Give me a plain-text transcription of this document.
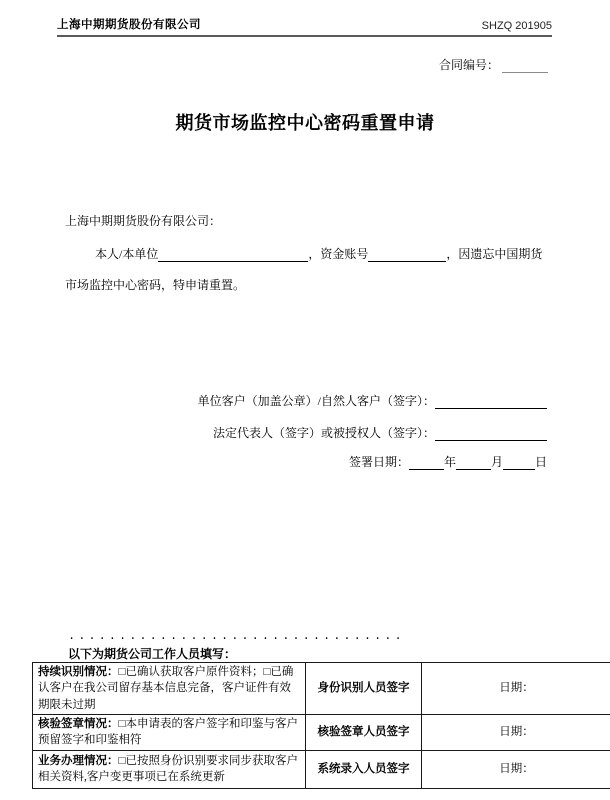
上海中期期货股份有限公司	SHZQ 201905
合同编号：
期货市场监控中心密码重置申请
上海中期期货股份有限公司：
本人/本单位	，资金账号	，因遗忘中国期货
市场监控中心密码，特申请重置。
单位客户（加盖公章）/自然人客户（签字）：
法定代表人（签字）或被授权人（签字）：
签署日期：	年	月	日
.................................
以下为期货公司工作人员填写：
持续识别情况：□已确认获取客户原件资料；□已确认客户在我公司留存基本信息完备，客户证件有效期限未过期	身份识别人员签字	日期：
核验签章情况：□本申请表的客户签字和印鉴与客户预留签字和印鉴相符	核验签章人员签字	日期：
业务办理情况：□已按照身份识别要求同步获取客户相关资料,客户变更事项已在系统更新	系统录入人员签字	日期：
